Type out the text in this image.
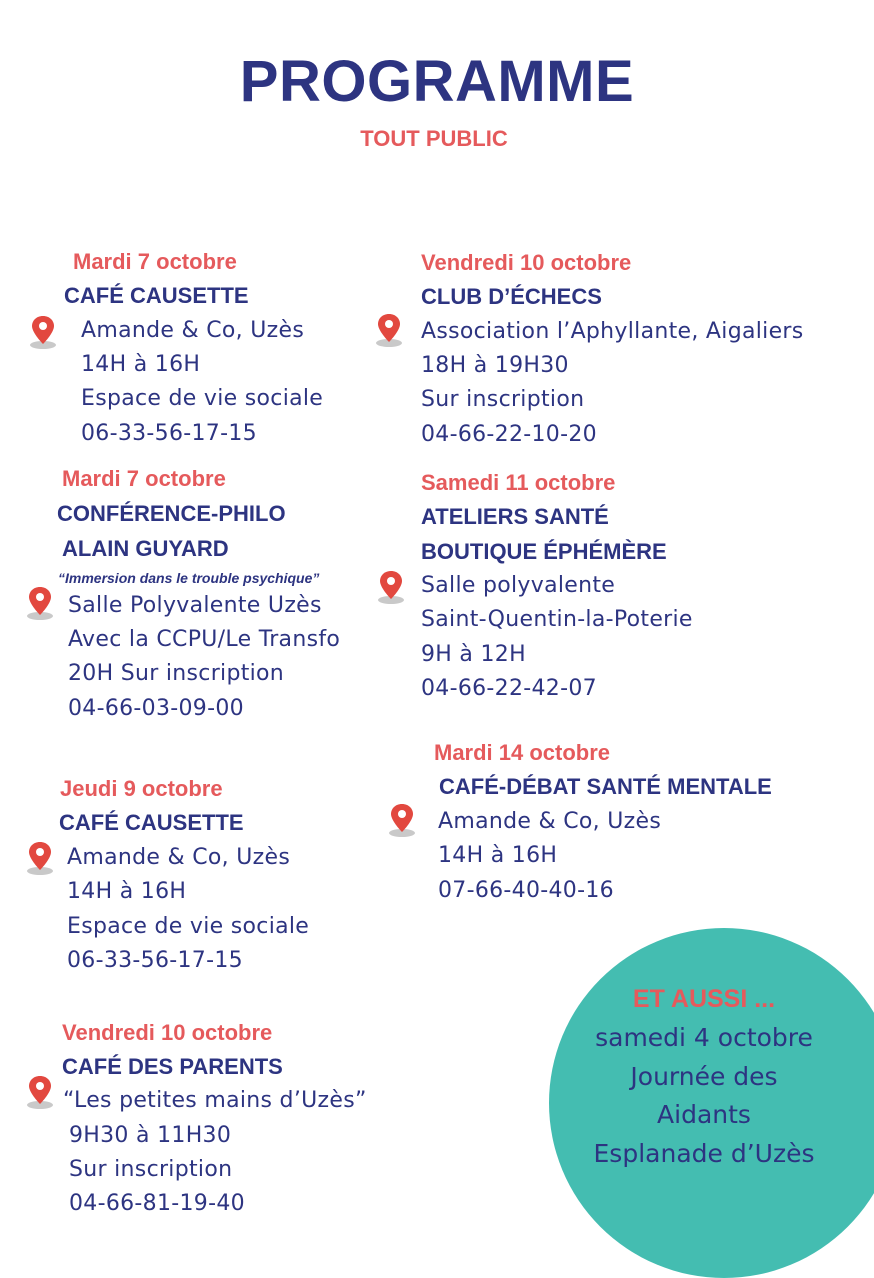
PROGRAMME
TOUT PUBLIC
Mardi 7 octobre
CAFÉ CAUSETTE
Amande & Co, Uzès
14H à 16H
Espace de vie sociale
06-33-56-17-15
Mardi 7 octobre
CONFÉRENCE-PHILO
ALAIN GUYARD
“Immersion dans le trouble psychique”
Salle Polyvalente Uzès
Avec la CCPU/Le Transfo
20H Sur inscription
04-66-03-09-00
Jeudi 9 octobre
CAFÉ CAUSETTE
Amande & Co, Uzès
14H à 16H
Espace de vie sociale
06-33-56-17-15
Vendredi 10 octobre
CAFÉ DES PARENTS
“Les petites mains d’Uzès”
9H30 à 11H30
Sur inscription
04-66-81-19-40
Vendredi 10 octobre
CLUB D’ÉCHECS
Association l’Aphyllante, Aigaliers
18H à 19H30
Sur inscription
04-66-22-10-20
Samedi 11 octobre
ATELIERS SANTÉ
BOUTIQUE ÉPHÉMÈRE
Salle polyvalente
Saint-Quentin-la-Poterie
9H à 12H
04-66-22-42-07
Mardi 14 octobre
CAFÉ-DÉBAT SANTÉ MENTALE
Amande & Co, Uzès
14H à 16H
07-66-40-40-16
ET AUSSI ...
samedi 4 octobre
Journée des
Aidants
Esplanade d’Uzès
